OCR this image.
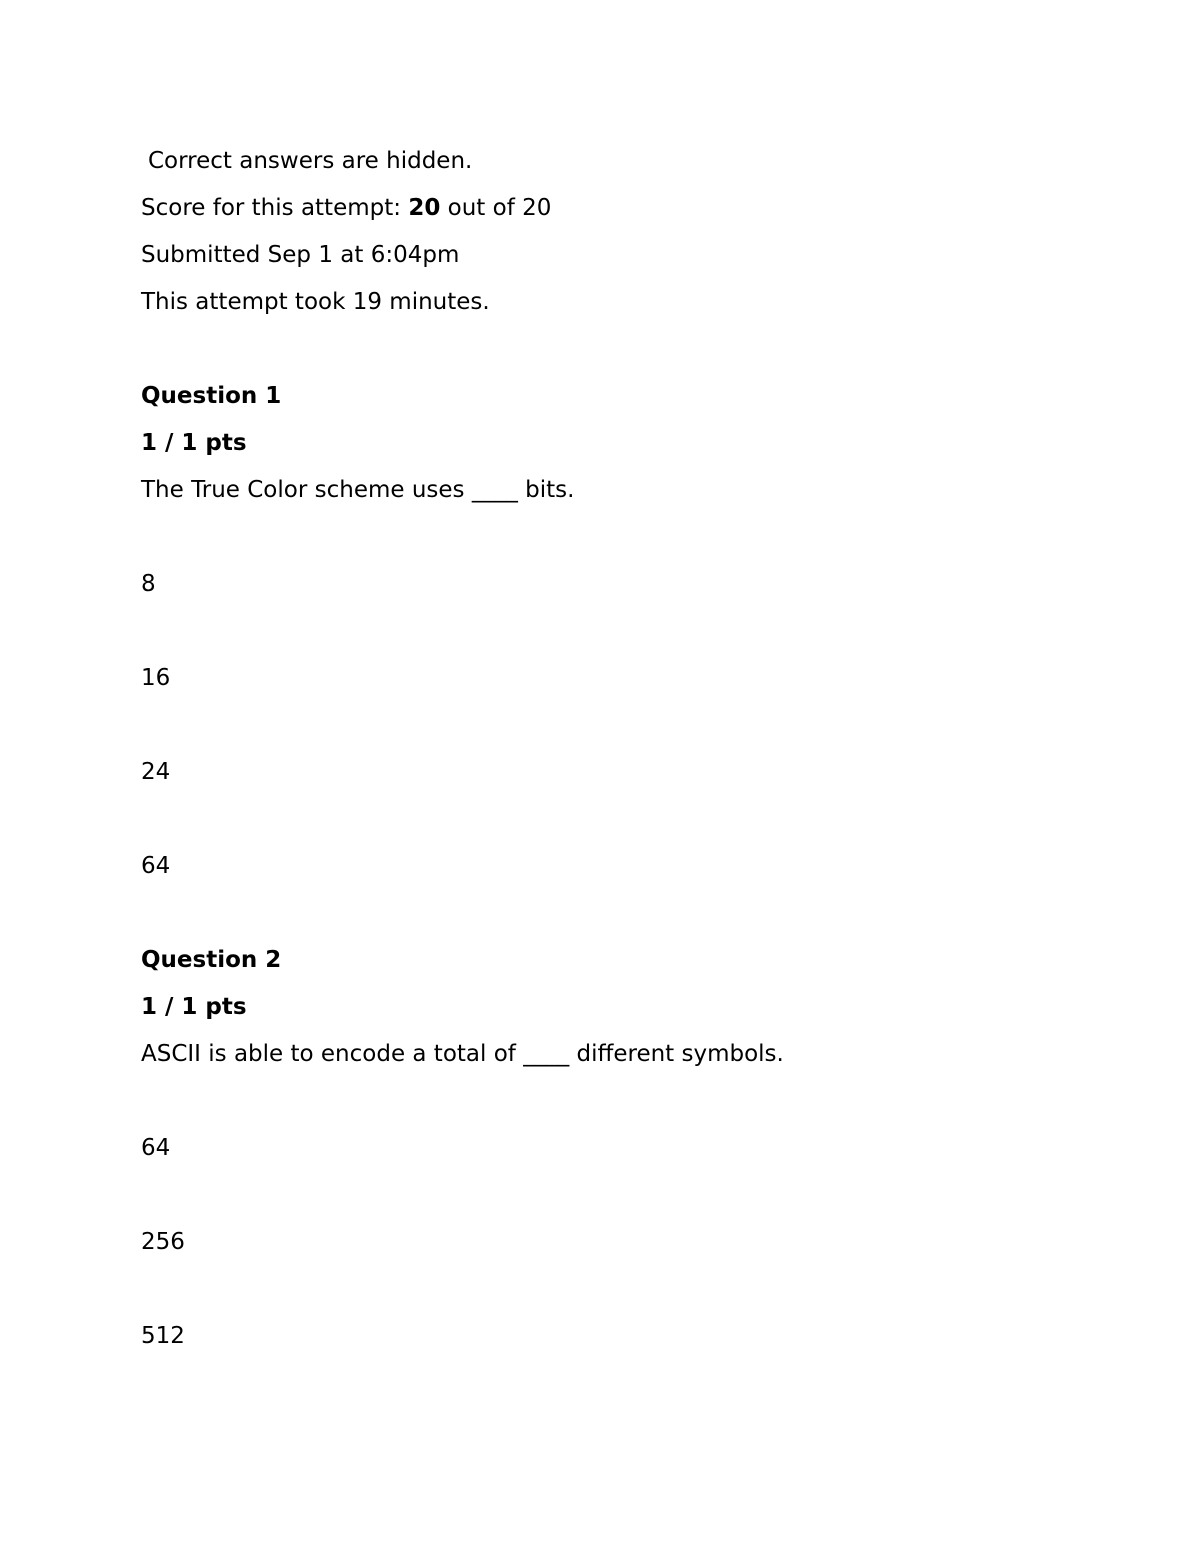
Correct answers are hidden.
Score for this attempt: 20 out of 20
Submitted Sep 1 at 6:04pm
This attempt took 19 minutes.
Question 1
1 / 1 pts
The True Color scheme uses ____ bits.
8
16
24
64
Question 2
1 / 1 pts
ASCII is able to encode a total of ____ different symbols.
64
256
512
